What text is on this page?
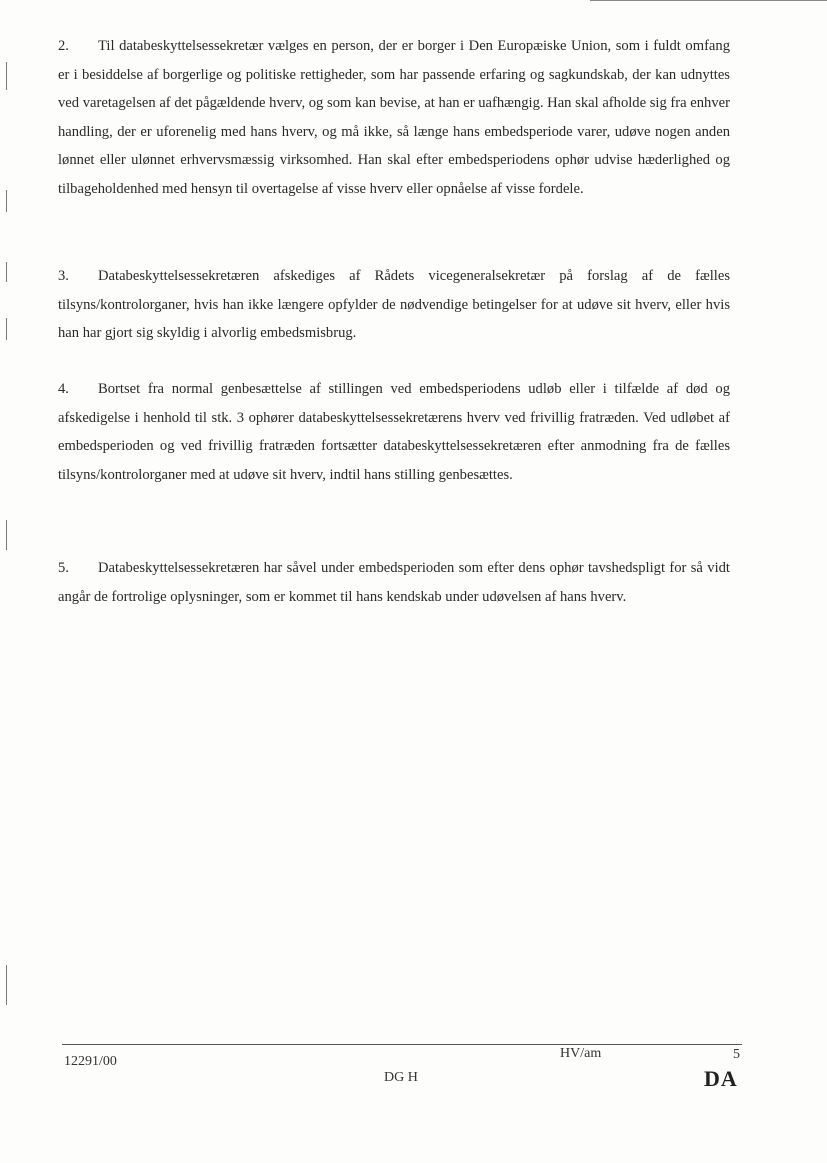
2. Til databeskyttelsessekretær vælges en person, der er borger i Den Europæiske Union, som i fuldt omfang er i besiddelse af borgerlige og politiske rettigheder, som har passende erfaring og sagkundskab, der kan udnyttes ved varetagelsen af det pågældende hverv, og som kan bevise, at han er uafhængig. Han skal afholde sig fra enhver handling, der er uforenelig med hans hverv, og må ikke, så længe hans embedsperiode varer, udøve nogen anden lønnet eller ulønnet erhvervsmæssig virksomhed. Han skal efter embedsperiodens ophør udvise hæderlighed og tilbageholdenhed med hensyn til overtagelse af visse hverv eller opnåelse af visse fordele.

3. Databeskyttelsessekretæren afskediges af Rådets vicegeneralsekretær på forslag af de fælles tilsyns/kontrolorganer, hvis han ikke længere opfylder de nødvendige betingelser for at udøve sit hverv, eller hvis han har gjort sig skyldig i alvorlig embedsmisbrug.

4. Bortset fra normal genbesættelse af stillingen ved embedsperiodens udløb eller i tilfælde af død og afskedigelse i henhold til stk. 3 ophører databeskyttelsessekretærens hverv ved frivillig fratræden. Ved udløbet af embedsperioden og ved frivillig fratræden fortsætter databeskyttelsessekretæren efter anmodning fra de fælles tilsyns/kontrolorganer med at udøve sit hverv, indtil hans stilling genbesættes.

5. Databeskyttelsessekretæren har såvel under embedsperioden som efter dens ophør tavshedspligt for så vidt angår de fortrolige oplysninger, som er kommet til hans kendskab under udøvelsen af hans hverv.

12291/00
HV/am
DG H
5
DA
